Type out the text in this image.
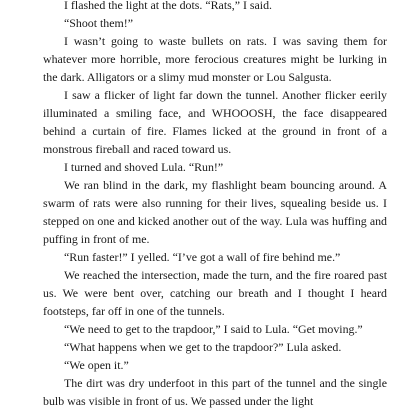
I flashed the light at the dots. “Rats,” I said.

“Shoot them!”

I wasn’t going to waste bullets on rats. I was saving them for whatever more horrible, more ferocious creatures might be lurking in the dark. Alligators or a slimy mud monster or Lou Salgusta.

I saw a flicker of light far down the tunnel. Another flicker eerily illuminated a smiling face, and WHOOOSH, the face disappeared behind a curtain of fire. Flames licked at the ground in front of a monstrous fireball and raced toward us.

I turned and shoved Lula. “Run!”

We ran blind in the dark, my flashlight beam bouncing around. A swarm of rats were also running for their lives, squealing beside us. I stepped on one and kicked another out of the way. Lula was huffing and puffing in front of me.

“Run faster!” I yelled. “I’ve got a wall of fire behind me.”

We reached the intersection, made the turn, and the fire roared past us. We were bent over, catching our breath and I thought I heard footsteps, far off in one of the tunnels.

“We need to get to the trapdoor,” I said to Lula. “Get moving.”

“What happens when we get to the trapdoor?” Lula asked.

“We open it.”

The dirt was dry underfoot in this part of the tunnel and the single bulb was visible in front of us. We passed under the light
